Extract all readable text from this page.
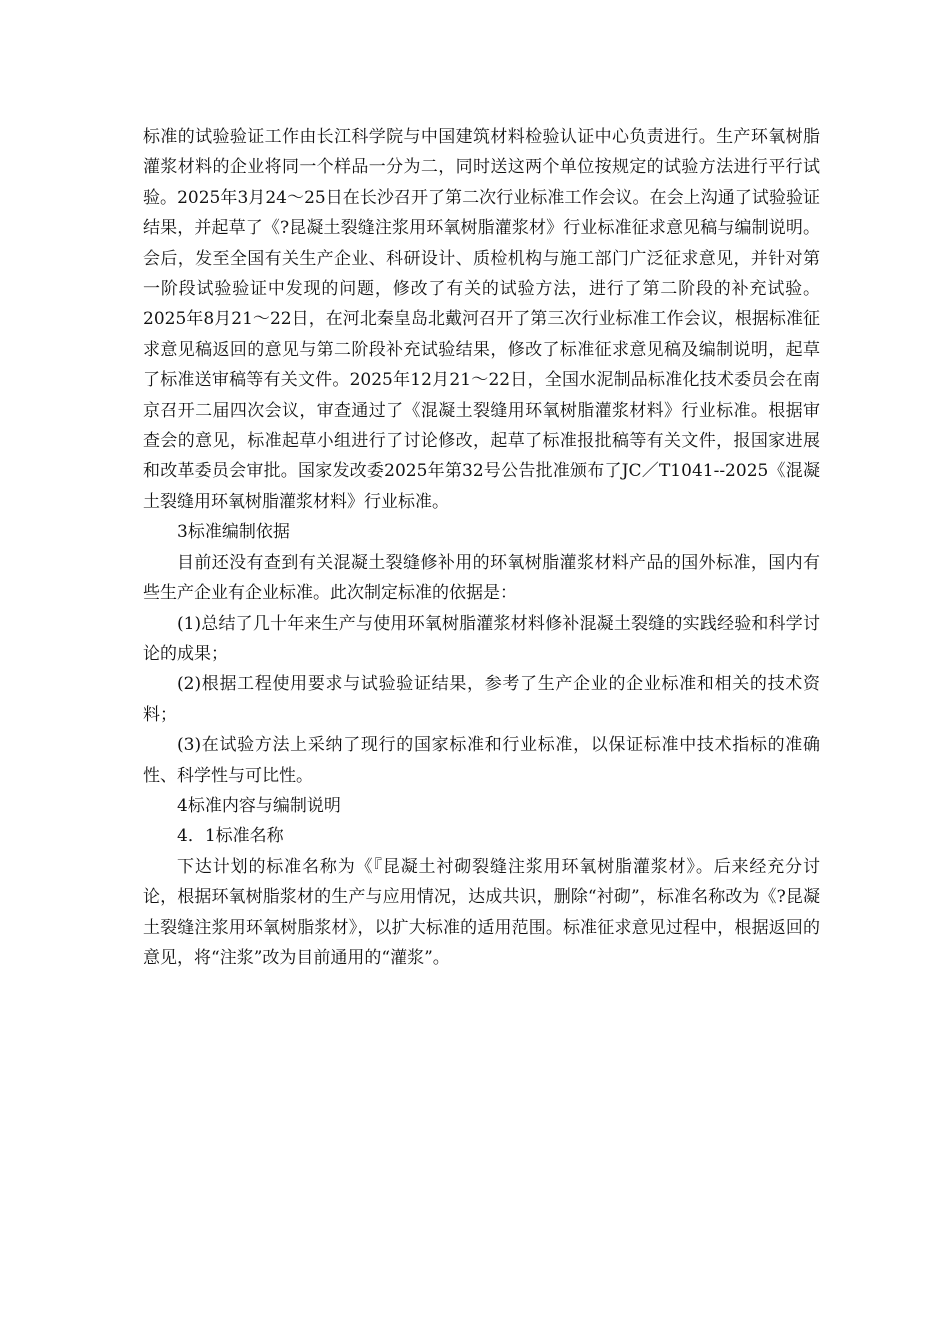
标准的试验验证工作由长江科学院与中国建筑材料检验认证中心负责进行。生产环氧树脂灌浆材料的企业将同一个样品一分为二，同时送这两个单位按规定的试验方法进行平行试验。2025年3月24～25日在长沙召开了第二次行业标准工作会议。在会上沟通了试验验证结果，并起草了《?昆凝土裂缝注浆用环氧树脂灌浆材》行业标准征求意见稿与编制说明。会后，发至全国有关生产企业、科研设计、质检机构与施工部门广泛征求意见，并针对第一阶段试验验证中发现的问题，修改了有关的试验方法，进行了第二阶段的补充试验。2025年8月21～22日，在河北秦皇岛北戴河召开了第三次行业标准工作会议，根据标准征求意见稿返回的意见与第二阶段补充试验结果，修改了标准征求意见稿及编制说明，起草了标准送审稿等有关文件。2025年12月21～22日，全国水泥制品标准化技术委员会在南京召开二届四次会议，审查通过了《混凝土裂缝用环氧树脂灌浆材料》行业标准。根据审查会的意见，标准起草小组进行了讨论修改，起草了标准报批稿等有关文件，报国家进展和改革委员会审批。国家发改委2025年第32号公告批准颁布了JC／T1041--2025《混凝土裂缝用环氧树脂灌浆材料》行业标准。

3标准编制依据

目前还没有查到有关混凝土裂缝修补用的环氧树脂灌浆材料产品的国外标准，国内有些生产企业有企业标准。此次制定标准的依据是：

(1)总结了几十年来生产与使用环氧树脂灌浆材料修补混凝土裂缝的实践经验和科学讨论的成果；

(2)根据工程使用要求与试验验证结果，参考了生产企业的企业标准和相关的技术资料；

(3)在试验方法上采纳了现行的国家标准和行业标准，以保证标准中技术指标的准确性、科学性与可比性。

4标准内容与编制说明

4．1标准名称

下达计划的标准名称为《『昆凝土衬砌裂缝注浆用环氧树脂灌浆材》。后来经充分讨论，根据环氧树脂浆材的生产与应用情况，达成共识，删除“衬砌”，标准名称改为《?昆凝土裂缝注浆用环氧树脂浆材》，以扩大标准的适用范围。标准征求意见过程中，根据返回的意见，将“注浆”改为目前通用的“灌浆”。
